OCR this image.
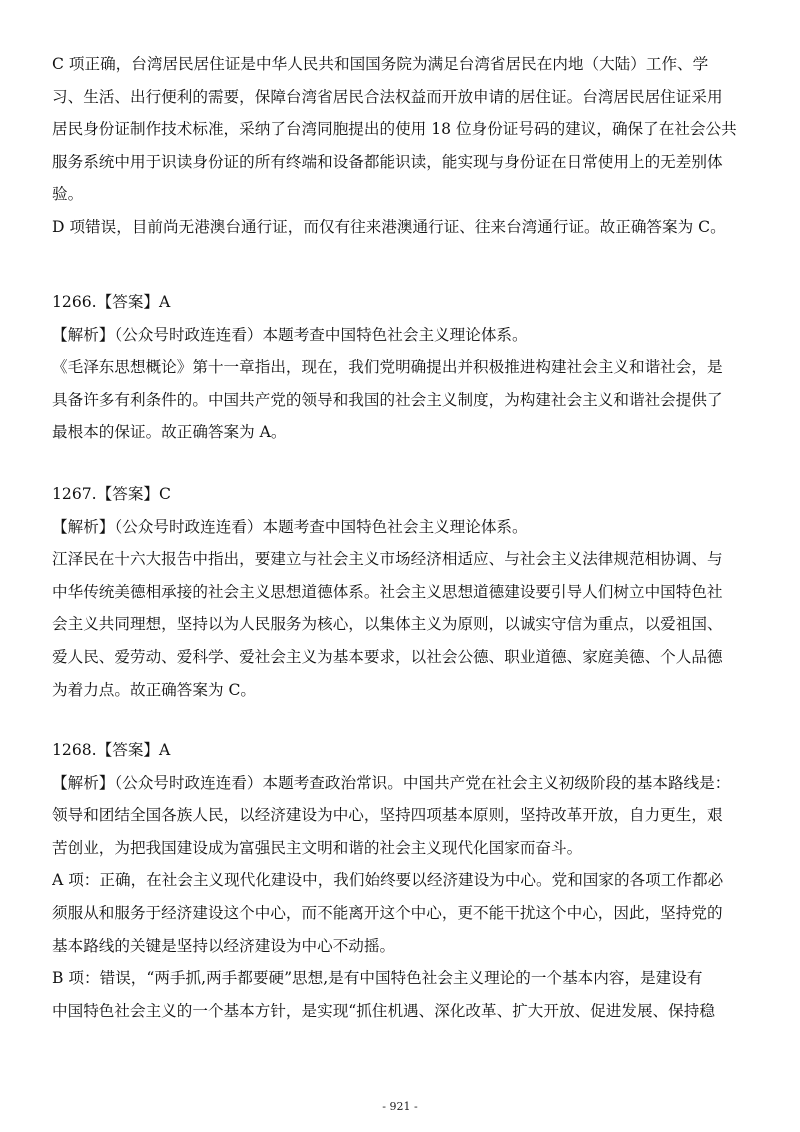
C 项正确，台湾居民居住证是中华人民共和国国务院为满足台湾省居民在内地（大陆）工作、学
习、生活、出行便利的需要，保障台湾省居民合法权益而开放申请的居住证。台湾居民居住证采用
居民身份证制作技术标准，采纳了台湾同胞提出的使用 18 位身份证号码的建议，确保了在社会公共
服务系统中用于识读身份证的所有终端和设备都能识读，能实现与身份证在日常使用上的无差别体
验。
D 项错误，目前尚无港澳台通行证，而仅有往来港澳通行证、往来台湾通行证。故正确答案为 C。
1266.【答案】A
【解析】（公众号时政连连看）本题考查中国特色社会主义理论体系。
《毛泽东思想概论》第十一章指出，现在，我们党明确提出并积极推进构建社会主义和谐社会，是
具备许多有利条件的。中国共产党的领导和我国的社会主义制度，为构建社会主义和谐社会提供了
最根本的保证。故正确答案为 A。
1267.【答案】C
【解析】（公众号时政连连看）本题考查中国特色社会主义理论体系。
江泽民在十六大报告中指出，要建立与社会主义市场经济相适应、与社会主义法律规范相协调、与
中华传统美德相承接的社会主义思想道德体系。社会主义思想道德建设要引导人们树立中国特色社
会主义共同理想，坚持以为人民服务为核心，以集体主义为原则，以诚实守信为重点，以爱祖国、
爱人民、爱劳动、爱科学、爱社会主义为基本要求，以社会公德、职业道德、家庭美德、个人品德
为着力点。故正确答案为 C。
1268.【答案】A
【解析】（公众号时政连连看）本题考查政治常识。中国共产党在社会主义初级阶段的基本路线是：
领导和团结全国各族人民，以经济建设为中心，坚持四项基本原则，坚持改革开放，自力更生，艰
苦创业，为把我国建设成为富强民主文明和谐的社会主义现代化国家而奋斗。
A 项：正确，在社会主义现代化建设中，我们始终要以经济建设为中心。党和国家的各项工作都必
须服从和服务于经济建设这个中心，而不能离开这个中心，更不能干扰这个中心，因此，坚持党的
基本路线的关键是坚持以经济建设为中心不动摇。
B 项：错误，“两手抓,两手都要硬”思想,是有中国特色社会主义理论的一个基本内容，是建设有
中国特色社会主义的一个基本方针，是实现“抓住机遇、深化改革、扩大开放、促进发展、保持稳
- 921 -
